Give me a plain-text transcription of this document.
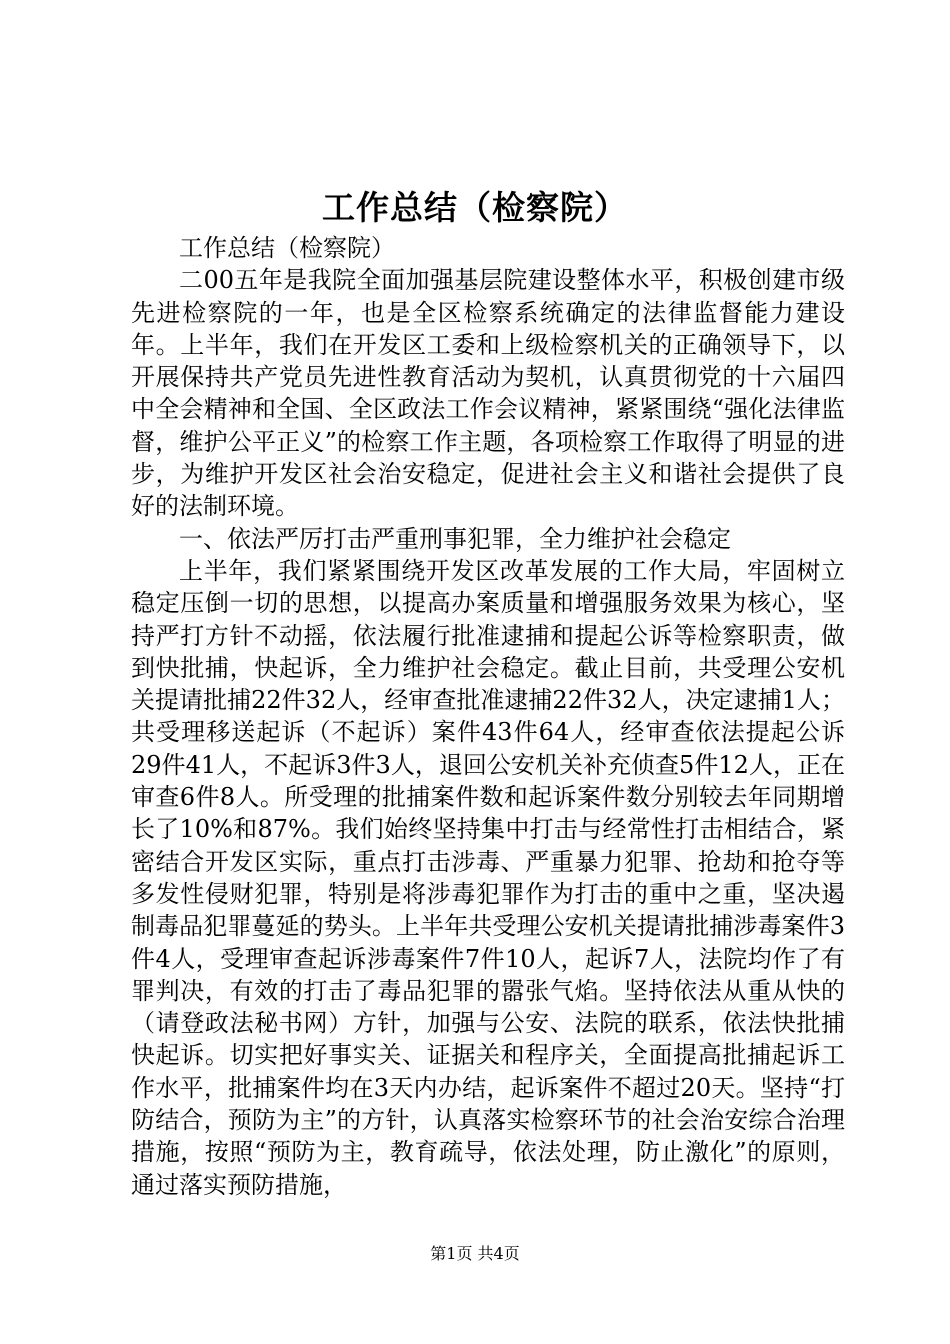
工作总结（检察院）

工作总结（检察院）

二00五年是我院全面加强基层院建设整体水平，积极创建市级先进检察院的一年，也是全区检察系统确定的法律监督能力建设年。上半年，我们在开发区工委和上级检察机关的正确领导下，以开展保持共产党员先进性教育活动为契机，认真贯彻党的十六届四中全会精神和全国、全区政法工作会议精神，紧紧围绕“强化法律监督，维护公平正义”的检察工作主题，各项检察工作取得了明显的进步，为维护开发区社会治安稳定，促进社会主义和谐社会提供了良好的法制环境。

一、依法严厉打击严重刑事犯罪，全力维护社会稳定

上半年，我们紧紧围绕开发区改革发展的工作大局，牢固树立稳定压倒一切的思想，以提高办案质量和增强服务效果为核心，坚持严打方针不动摇，依法履行批准逮捕和提起公诉等检察职责，做到快批捕，快起诉，全力维护社会稳定。截止目前，共受理公安机关提请批捕22件32人，经审查批准逮捕22件32人，决定逮捕1人；共受理移送起诉（不起诉）案件43件64人，经审查依法提起公诉29件41人，不起诉3件3人，退回公安机关补充侦查5件12人，正在审查6件8人。所受理的批捕案件数和起诉案件数分别较去年同期增长了10%和87%。我们始终坚持集中打击与经常性打击相结合，紧密结合开发区实际，重点打击涉毒、严重暴力犯罪、抢劫和抢夺等多发性侵财犯罪，特别是将涉毒犯罪作为打击的重中之重，坚决遏制毒品犯罪蔓延的势头。上半年共受理公安机关提请批捕涉毒案件3件4人，受理审查起诉涉毒案件7件10人，起诉7人，法院均作了有罪判决，有效的打击了毒品犯罪的嚣张气焰。坚持依法从重从快的（请登政法秘书网）方针，加强与公安、法院的联系，依法快批捕快起诉。切实把好事实关、证据关和程序关，全面提高批捕起诉工作水平，批捕案件均在3天内办结，起诉案件不超过20天。坚持“打防结合，预防为主”的方针，认真落实检察环节的社会治安综合治理措施，按照“预防为主，教育疏导，依法处理，防止激化”的原则，通过落实预防措施，

第1页 共4页
